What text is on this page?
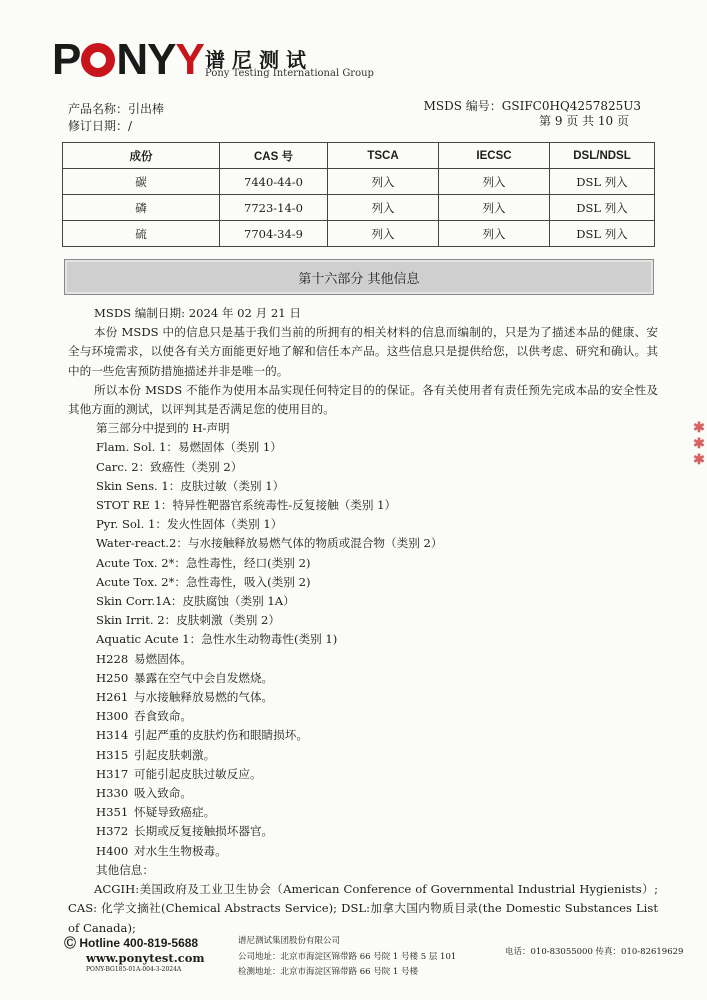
P NYY 谱尼测试
Pony Testing International Group
产品名称：引出棒
修订日期：/
MSDS 编号：GSIFC0HQ4257825U3
第 9 页 共 10 页
成份	CAS 号	TSCA	IECSC	DSL/NDSL
碳	7440-44-0	列入	列入	DSL 列入
磷	7723-14-0	列入	列入	DSL 列入
硫	7704-34-9	列入	列入	DSL 列入
第十六部分 其他信息

MSDS 编制日期: 2024 年 02 月 21 日

本份 MSDS 中的信息只是基于我们当前的所拥有的相关材料的信息而编制的，只是为了描述本品的健康、安全与环境需求，以使各有关方面能更好地了解和信任本产品。这些信息只是提供给您，以供考虑、研究和确认。其中的一些危害预防措施描述并非是唯一的。

所以本份 MSDS 不能作为使用本品实现任何特定目的的保证。各有关使用者有责任预先完成本品的安全性及其他方面的测试，以评判其是否满足您的使用目的。

第三部分中提到的 H-声明

Flam. Sol. 1：易燃固体（类别 1）

Carc. 2：致癌性（类别 2）

Skin Sens. 1：皮肤过敏（类别 1）

STOT RE 1：特异性靶器官系统毒性-反复接触（类别 1）

Pyr. Sol. 1：发火性固体（类别 1）

Water-react.2：与水接触释放易燃气体的物质或混合物（类别 2）

Acute Tox. 2*：急性毒性，经口(类别 2)

Acute Tox. 2*：急性毒性，吸入(类别 2)

Skin Corr.1A：皮肤腐蚀（类别 1A）

Skin Irrit. 2：皮肤刺激（类别 2）

Aquatic Acute 1：急性水生动物毒性(类别 1)

H228 易燃固体。

H250 暴露在空气中会自发燃烧。

H261 与水接触释放易燃的气体。

H300 吞食致命。

H314 引起严重的皮肤灼伤和眼睛损坏。

H315 引起皮肤刺激。

H317 可能引起皮肤过敏反应。

H330 吸入致命。

H351 怀疑导致癌症。

H372 长期或反复接触损坏器官。

H400 对水生生物极毒。

其他信息：

ACGIH:美国政府及工业卫生协会（American Conference of Governmental Industrial Hygienists）; CAS: 化学文摘社(Chemical Abstracts Service); DSL:加拿大国内物质目录(the Domestic Substances List of Canada);

Ⓒ Hotline 400-819-5688
www.ponytest.com
PONY-BG185-01A-004-3-2024A
谱尼测试集团股份有限公司
公司地址：北京市海淀区锦带路 66 号院 1 号楼 5 层 101
检测地址：北京市海淀区锦带路 66 号院 1 号楼
电话：010-83055000 传真：010-82619629
✱✱✱
